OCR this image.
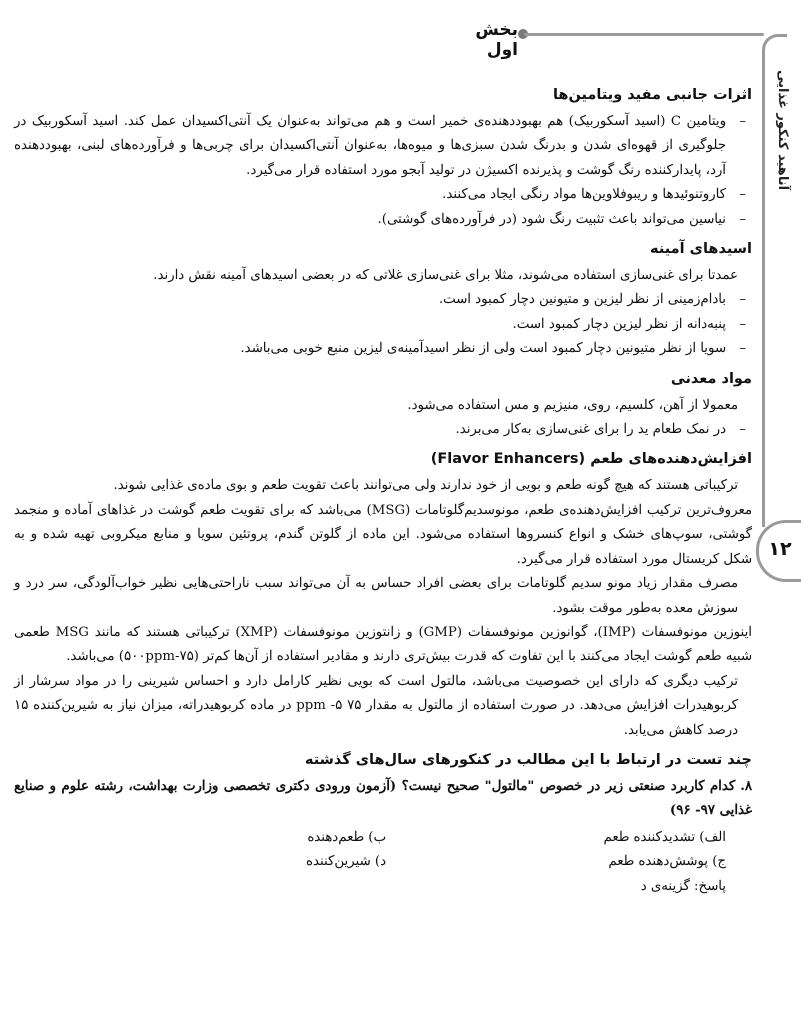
بخش اول
آناهید کنکور غذایی
۱۲
اثرات جانبی مفید ویتامین‌ها

– ویتامین C (اسید آسکوربیک) هم بهبوددهنده‌ی خمیر است و هم می‌تواند به‌عنوان یک آنتی‌اکسیدان عمل کند. اسید آسکوربیک در جلوگیری از قهوه‌ای شدن و بدرنگ شدن سبزی‌ها و میوه‌ها، به‌عنوان آنتی‌اکسیدان برای چربی‌ها و فرآورده‌های لبنی، بهبوددهنده آرد، پایدارکننده رنگ گوشت و پذیرنده اکسیژن در تولید آبجو مورد استفاده قرار می‌گیرد.

– کاروتنوئیدها و ریبوفلاوین‌ها مواد رنگی ایجاد می‌کنند.

– نیاسین می‌تواند باعث تثبیت رنگ شود (در فرآورده‌های گوشتی).

اسیدهای آمینه

عمدتا برای غنی‌سازی استفاده می‌شوند، مثلا برای غنی‌سازی غلاتی که در بعضی اسیدهای آمینه نقش دارند.

– بادام‌زمینی از نظر لیزین و متیونین دچار کمبود است.

– پنبه‌دانه از نظر لیزین دچار کمبود است.

– سویا از نظر متیونین دچار کمبود است ولی از نظر اسیدآمینه‌ی لیزین منبع خوبی می‌باشد.

مواد معدنی

معمولا از آهن، کلسیم، روی، منیزیم و مس استفاده می‌شود.

– در نمک طعام ید را برای غنی‌سازی به‌کار می‌برند.

افزایش‌دهنده‌های طعم (Flavor Enhancers)

ترکیباتی هستند که هیچ گونه طعم و بویی از خود ندارند ولی می‌توانند باعث تقویت طعم و بوی ماده‌ی غذایی شوند.

معروف‌ترین ترکیب افزایش‌دهنده‌ی طعم، مونوسدیم‌گلوتامات (MSG) می‌باشد که برای تقویت طعم گوشت در غذاهای آماده و منجمد گوشتی، سوپ‌های خشک و انواع کنسروها استفاده می‌شود. این ماده از گلوتن گندم، پروتئین سویا و منابع میکروبی تهیه شده و به شکل کریستال مورد استفاده قرار می‌گیرد.

مصرف مقدار زیاد مونو سدیم گلوتامات برای بعضی افراد حساس به آن می‌تواند سبب ناراحتی‌هایی نظیر خواب‌آلودگی، سر درد و سوزش معده به‌طور موقت بشود.

اینوزین مونوفسفات (IMP)، گوانوزین مونوفسفات (GMP) و زانتوزین مونوفسفات (XMP) ترکیباتی هستند که مانند MSG طعمی شبیه طعم گوشت ایجاد می‌کنند با این تفاوت که قدرت بیش‌تری دارند و مقادیر استفاده از آن‌ها کم‌تر (۷۵-۵۰۰ppm) می‌باشد.

ترکیب دیگری که دارای این خصوصیت می‌باشد، مالتول است که بویی نظیر کارامل دارد و احساس شیرینی را در مواد سرشار از کربوهیدرات افزایش می‌دهد. در صورت استفاده از مالتول به مقدار ۷۵ ppm -۵ در ماده کربوهیدراته، میزان نیاز به شیرین‌کننده ۱۵ درصد کاهش می‌یابد.

چند تست در ارتباط با این مطالب در کنکورهای سال‌های گذشته

۸. کدام کاربرد صنعتی زیر در خصوص "مالتول" صحیح نیست؟ (آزمون ورودی دکتری تخصصی وزارت بهداشت، رشته علوم و صنایع غذایی ۹۷- ۹۶)

الف) تشدیدکننده طعم
ب) طعم‌دهنده
ج) پوشش‌دهنده طعم
د) شیرین‌کننده
پاسخ: گزینه‌ی د
